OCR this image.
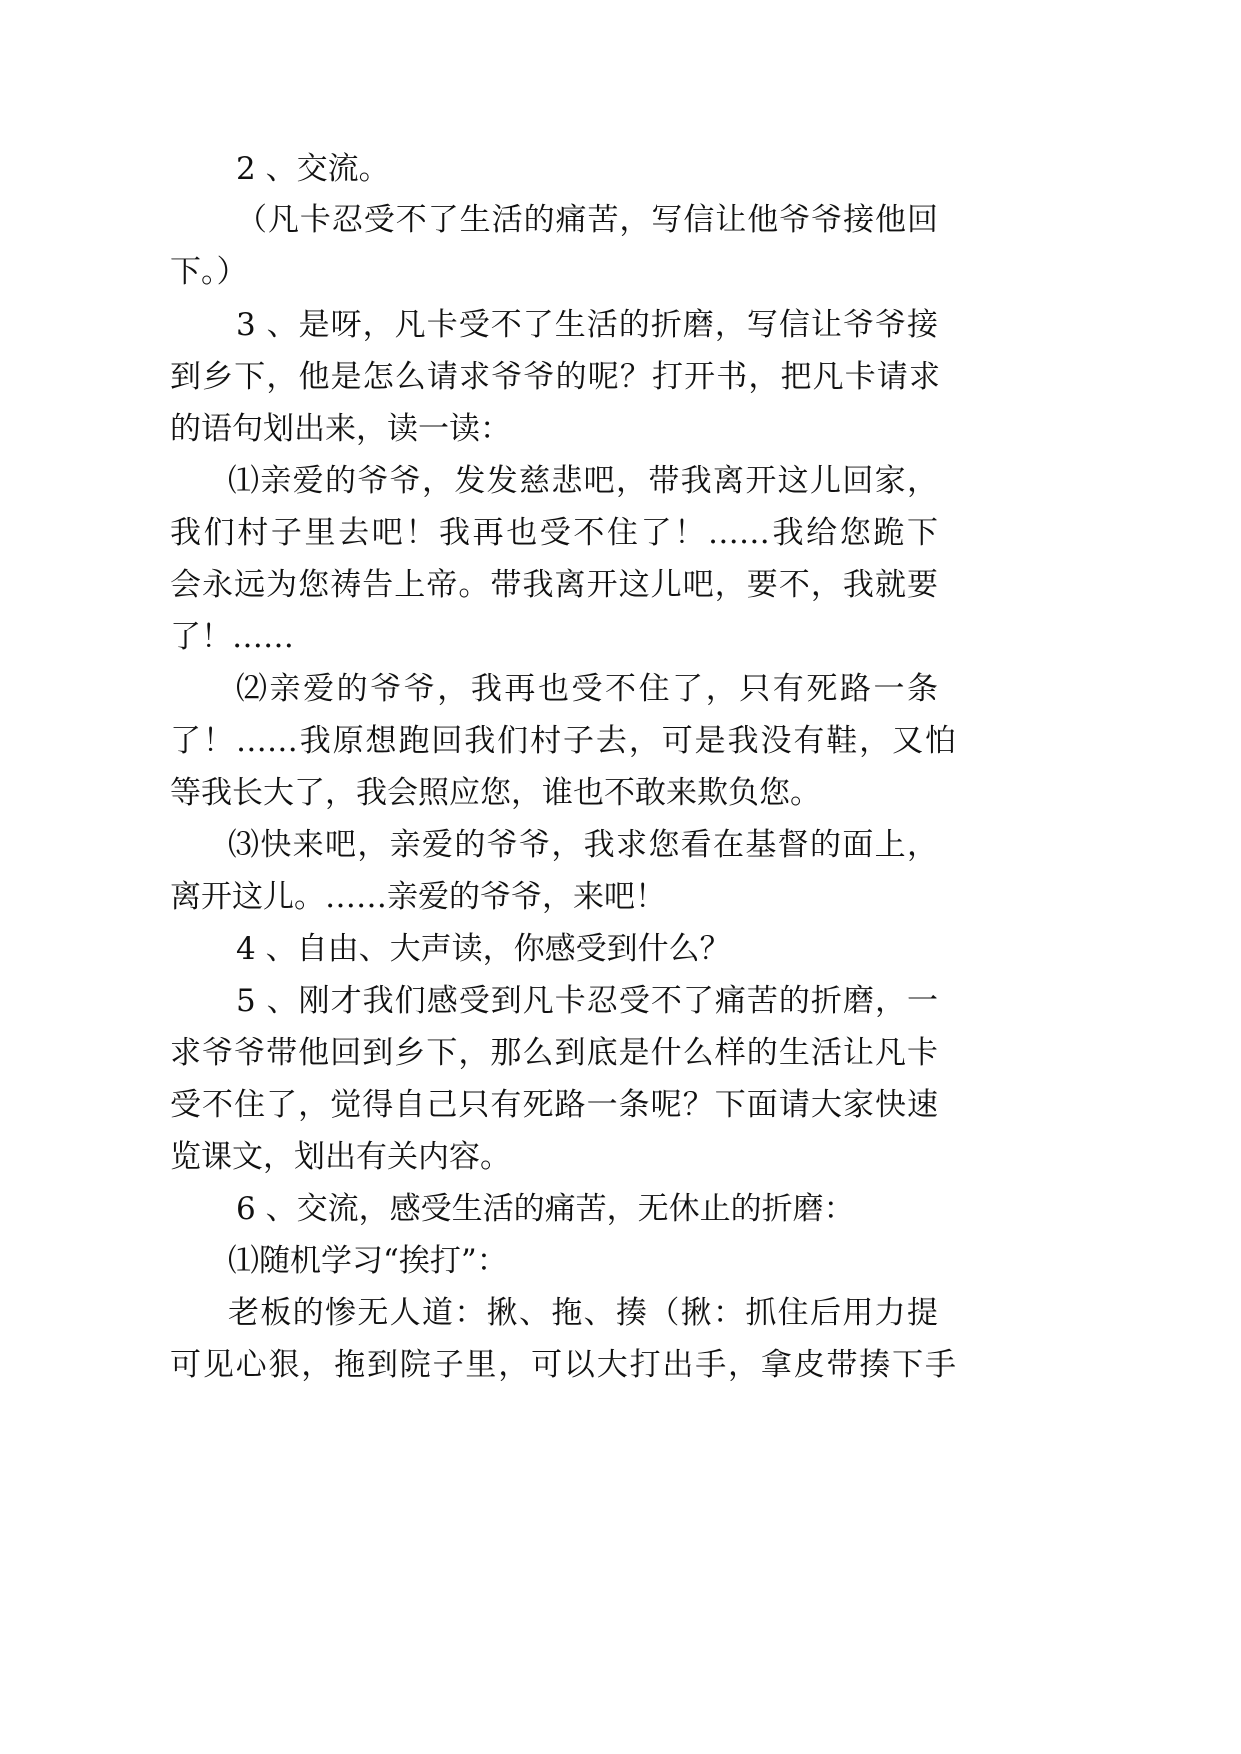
2 、交流。
（凡卡忍受不了生活的痛苦，写信让他爷爷接他回
下。）
3 、是呀，凡卡受不了生活的折磨，写信让爷爷接
到乡下，他是怎么请求爷爷的呢？打开书，把凡卡请求
的语句划出来，读一读：
⑴亲爱的爷爷，发发慈悲吧，带我离开这儿回家，
我们村子里去吧！我再也受不住了！……我给您跪下
会永远为您祷告上帝。带我离开这儿吧，要不，我就要
了！……
⑵亲爱的爷爷，我再也受不住了，只有死路一条
了！……我原想跑回我们村子去，可是我没有鞋，又怕
等我长大了，我会照应您，谁也不敢来欺负您。
⑶快来吧，亲爱的爷爷，我求您看在基督的面上，
离开这儿。……亲爱的爷爷，来吧！
4 、自由、大声读，你感受到什么？
5 、刚才我们感受到凡卡忍受不了痛苦的折磨，一
求爷爷带他回到乡下，那么到底是什么样的生活让凡卡
受不住了，觉得自己只有死路一条呢？下面请大家快速
览课文，划出有关内容。
6 、交流，感受生活的痛苦，无休止的折磨：
⑴随机学习“挨打”：
老板的惨无人道：揪、拖、揍（揪：抓住后用力提
可见心狠，拖到院子里，可以大打出手，拿皮带揍下手
